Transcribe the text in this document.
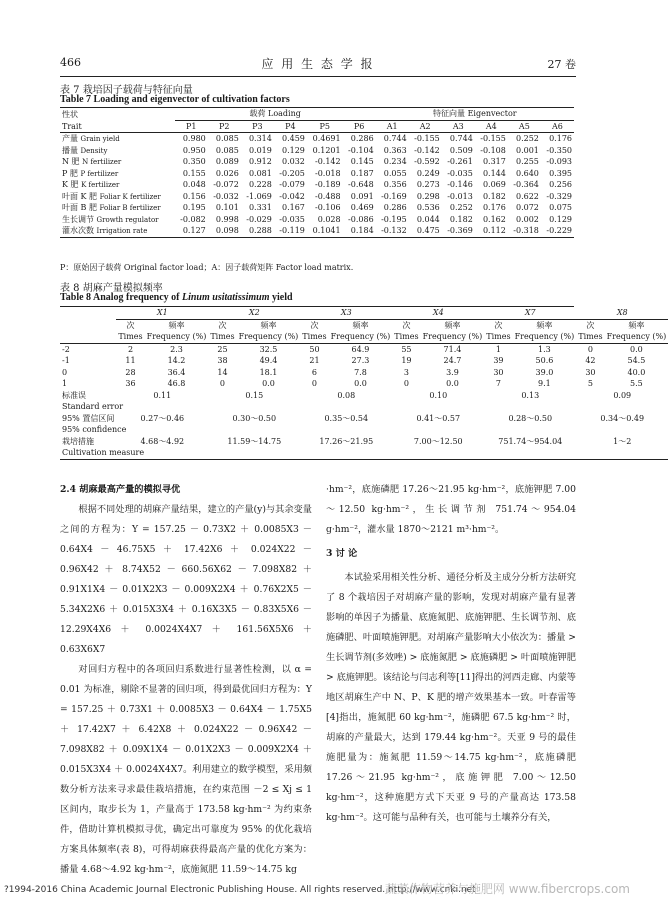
466	应 用 生 态 学 报	27 卷
表 7 栽培因子载荷与特征向量
Table 7 Loading and eigenvector of cultivation factors
性状	载荷 Loading						特征向量 Eigenvector					
Trait	P1	P2	P3	P4	P5	P6	A1	A2	A3	A4	A5	A6
产量 Grain yield	0.980	0.085	0.314	0.459	0.4691	0.286	0.744	-0.155	0.744	-0.155	0.252	0.176
播量 Density	0.950	0.085	0.019	0.129	0.1201	-0.104	0.363	-0.142	0.509	-0.108	0.001	-0.350
N 肥 N fertilizer	0.350	0.089	0.912	0.032	-0.142	0.145	0.234	-0.592	-0.261	0.317	0.255	-0.093
P 肥 P fertilizer	0.155	0.026	0.081	-0.205	-0.018	0.187	0.055	0.249	-0.035	0.144	0.640	0.395
K 肥 K fertilizer	0.048	-0.072	0.228	-0.079	-0.189	-0.648	0.356	0.273	-0.146	0.069	-0.364	0.256
叶面 K 肥 Foliar K fertilizer	0.156	-0.032	-1.069	-0.042	-0.488	0.091	-0.169	0.298	-0.013	0.182	0.622	-0.329
叶面 B 肥 Foliar B fertilizer	0.195	0.101	0.331	0.167	-0.106	0.469	0.286	0.536	0.252	0.176	0.072	0.075
生长调节 Growth regulator	-0.082	0.998	-0.029	-0.035	0.028	-0.086	-0.195	0.044	0.182	0.162	0.002	0.129
灌水次数 Irrigation rate	0.127	0.098	0.288	-0.119	0.1041	0.184	-0.132	0.475	-0.369	0.112	-0.318	-0.229
P：原始因子载荷 Original factor load；A：因子载荷矩阵 Factor load matrix.
表 8 胡麻产量模拟频率
Table 8 Analog frequency of Linum usitatissimum yield
	X1		X2		X3		X4		X7		X8	
	次	频率	次	频率	次	频率	次	频率	次	频率	次	频率
	Times	Frequency (%)	Times	Frequency (%)	Times	Frequency (%)	Times	Frequency (%)	Times	Frequency (%)	Times	Frequency (%)
-2	2	2.3	25	32.5	50	64.9	55	71.4	1	1.3	0	0.0
-1	11	14.2	38	49.4	21	27.3	19	24.7	39	50.6	42	54.5
0	28	36.4	14	18.1	6	7.8	3	3.9	30	39.0	30	40.0
1	36	46.8	0	0.0	0	0.0	0	0.0	7	9.1	5	5.5
标准误	0.11		0.15		0.08		0.10		0.13		0.09	
Standard error												
95% 置信区间	0.27～0.46		0.30～0.50		0.35～0.54		0.41～0.57		0.28～0.50		0.34～0.49	
95% confidence												
栽培措施	4.68～4.92		11.59～14.75		17.26～21.95		7.00～12.50		751.74～954.04		1～2	
Cultivation measure												

2.4 胡麻最高产量的模拟寻优

根据不同处理的胡麻产量结果，建立的产量(y)与其余变量之间的方程为：Y = 157.25 － 0.73X2 ＋ 0.0085X3 － 0.64X4 － 46.75X5 ＋ 17.42X6 ＋ 0.024X22 － 0.96X42 ＋ 8.74X52 － 660.56X62 － 7.098X82 ＋ 0.91X1X4 － 0.01X2X3 － 0.009X2X4 ＋ 0.76X2X5 － 5.34X2X6 ＋ 0.015X3X4 ＋ 0.16X3X5 － 0.83X5X6 － 12.29X4X6 ＋ 0.0024X4X7 ＋ 161.56X5X6 ＋ 0.63X6X7

对回归方程中的各项回归系数进行显著性检测，以 α = 0.01 为标准，剔除不显著的回归项，得到最优回归方程为：Y = 157.25 ＋ 0.73X1 ＋ 0.0085X3 － 0.64X4 － 1.75X5 ＋ 17.42X7 ＋ 6.42X8 ＋ 0.024X22 － 0.96X42 － 7.098X82 ＋ 0.09X1X4 － 0.01X2X3 － 0.009X2X4 ＋ 0.015X3X4 ＋ 0.0024X4X7。利用建立的数学模型，采用频数分析方法来寻求最佳栽培措施，在约束范围 －2 ≤ Xj ≤ 1 区间内，取步长为 1，产量高于 173.58 kg·hm⁻² 为约束条件，借助计算机模拟寻优，确定出可靠度为 95% 的优化栽培方案具体频率(表 8)，可得胡麻获得最高产量的优化方案为：播量 4.68～4.92 kg·hm⁻²，底施氮肥 11.59～14.75 kg

·hm⁻²，底施磷肥 17.26～21.95 kg·hm⁻²，底施钾肥 7.00～12.50 kg·hm⁻²，生长调节剂 751.74～954.04 g·hm⁻²，灌水量 1870～2121 m³·hm⁻²。

3 讨 论

本试验采用相关性分析、通径分析及主成分分析方法研究了 8 个栽培因子对胡麻产量的影响，发现对胡麻产量有显著影响的单因子为播量、底施氮肥、底施钾肥、生长调节剂、底施磷肥、叶面喷施钾肥。对胡麻产量影响大小依次为：播量 > 生长调节剂(多效唑) > 底施氮肥 > 底施磷肥 > 叶面喷施钾肥 > 底施钾肥。该结论与闫志利等[11]得出的河西走廊、内蒙等地区胡麻生产中 N、P、K 肥的增产效果基本一致。叶春雷等[4]指出，施氮肥 60 kg·hm⁻²，施磷肥 67.5 kg·hm⁻² 时，胡麻的产量最大，达到 179.44 kg·hm⁻²。天亚 9 号的最佳施肥量为：施氮肥 11.59～14.75 kg·hm⁻²，底施磷肥 17.26～21.95 kg·hm⁻²，底施钾肥 7.00～12.50 kg·hm⁻²，这种施肥方式下天亚 9 号的产量高达 173.58 kg·hm⁻²。这可能与品种有关，也可能与土壤养分有关，

?1994-2016 China Academic Journal Electronic Publishing House. All rights reserved. http://www.cnki.net
蔬菜作物营养与施肥网 www.fibercrops.com
